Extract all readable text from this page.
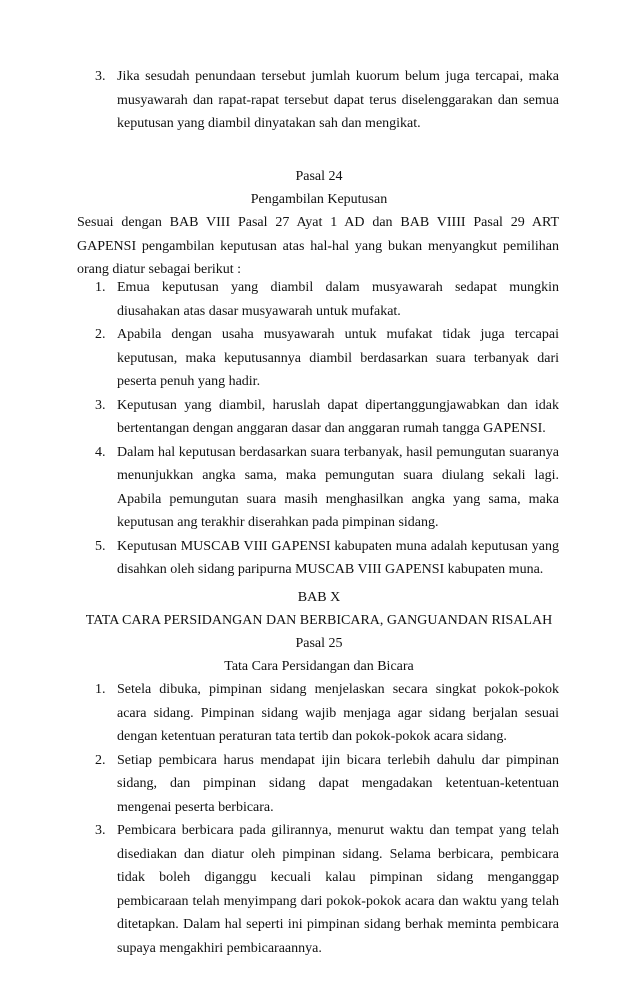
3. Jika sesudah penundaan tersebut jumlah kuorum belum juga tercapai, maka musyawarah dan rapat-rapat tersebut dapat terus diselenggarakan dan semua keputusan yang diambil dinyatakan sah dan mengikat.
Pasal 24
Pengambilan Keputusan
Sesuai dengan BAB VIII Pasal 27 Ayat 1 AD dan BAB VIIII Pasal 29 ART GAPENSI pengambilan keputusan atas hal-hal yang bukan menyangkut pemilihan orang diatur sebagai berikut :
1. Emua keputusan yang diambil dalam musyawarah sedapat mungkin diusahakan atas dasar musyawarah untuk mufakat.
2. Apabila dengan usaha musyawarah untuk mufakat tidak juga tercapai keputusan, maka keputusannya diambil berdasarkan suara terbanyak dari peserta penuh yang hadir.
3. Keputusan yang diambil, haruslah dapat dipertanggungjawabkan dan idak bertentangan dengan anggaran dasar dan anggaran rumah tangga GAPENSI.
4. Dalam hal keputusan berdasarkan suara terbanyak, hasil pemungutan suaranya menunjukkan angka sama, maka pemungutan suara diulang sekali lagi. Apabila pemungutan suara masih menghasilkan angka yang sama, maka keputusan ang terakhir diserahkan pada pimpinan sidang.
5. Keputusan MUSCAB VIII GAPENSI kabupaten muna adalah keputusan yang disahkan oleh sidang paripurna MUSCAB VIII GAPENSI kabupaten muna.
BAB X
TATA CARA PERSIDANGAN DAN BERBICARA, GANGUANDAN RISALAH
Pasal 25
Tata Cara Persidangan dan Bicara
1. Setela dibuka, pimpinan sidang menjelaskan secara singkat pokok-pokok acara sidang. Pimpinan sidang wajib menjaga agar sidang berjalan sesuai dengan ketentuan peraturan tata tertib dan pokok-pokok acara sidang.
2. Setiap pembicara harus mendapat ijin bicara terlebih dahulu dar pimpinan sidang, dan pimpinan sidang dapat mengadakan ketentuan-ketentuan mengenai peserta berbicara.
3. Pembicara berbicara pada gilirannya, menurut waktu dan tempat yang telah disediakan dan diatur oleh pimpinan sidang. Selama berbicara, pembicara tidak boleh diganggu kecuali kalau pimpinan sidang menganggap pembicaraan telah menyimpang dari pokok-pokok acara dan waktu yang telah ditetapkan. Dalam hal seperti ini pimpinan sidang berhak meminta pembicara supaya mengakhiri pembicaraannya.
